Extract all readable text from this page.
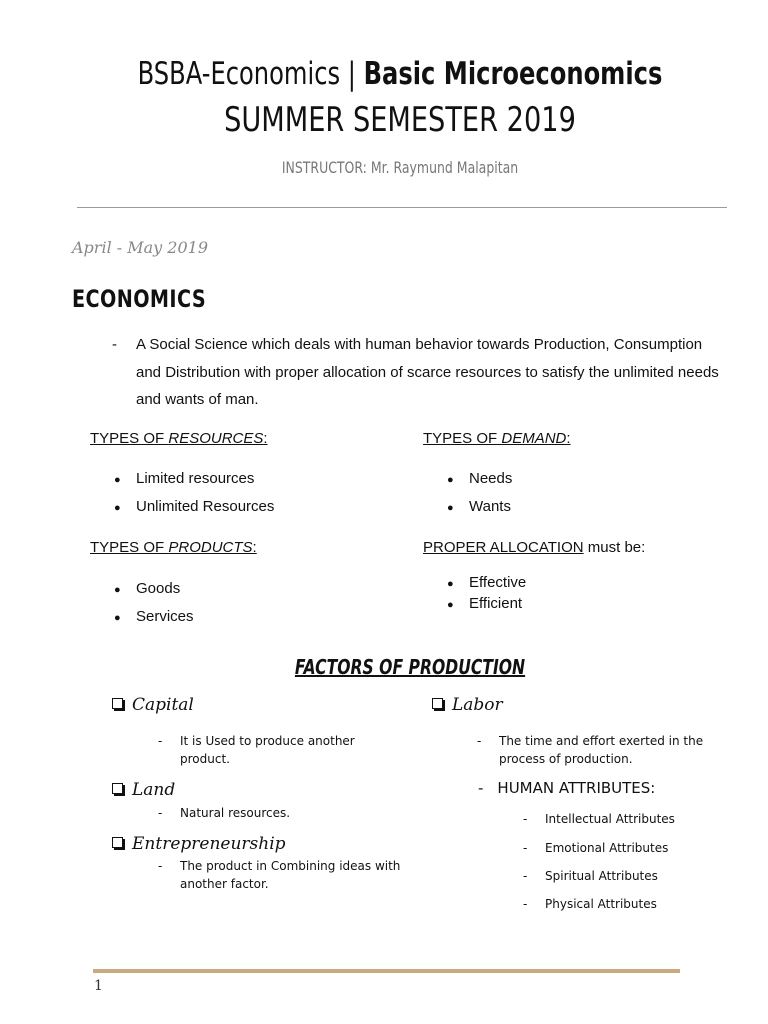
BSBA-Economics | Basic Microeconomics
SUMMER SEMESTER 2019
INSTRUCTOR: Mr. Raymund Malapitan
April - May 2019
ECONOMICS
- A Social Science which deals with human behavior towards Production, Consumption and Distribution with proper allocation of scarce resources to satisfy the unlimited needs and wants of man.
TYPES OF RESOURCES:
● Limited resources
● Unlimited Resources
TYPES OF DEMAND:
● Needs
● Wants
TYPES OF PRODUCTS:
● Goods
● Services
PROPER ALLOCATION must be:
● Effective
● Efficient
FACTORS OF PRODUCTION
Capital
- It is Used to produce another
product.
Land
- Natural resources.
Entrepreneurship
- The product in Combining ideas with
another factor.
Labor
- The time and effort exerted in the
process of production.
- HUMAN ATTRIBUTES:
- Intellectual Attributes
- Emotional Attributes
- Spiritual Attributes
- Physical Attributes
1
